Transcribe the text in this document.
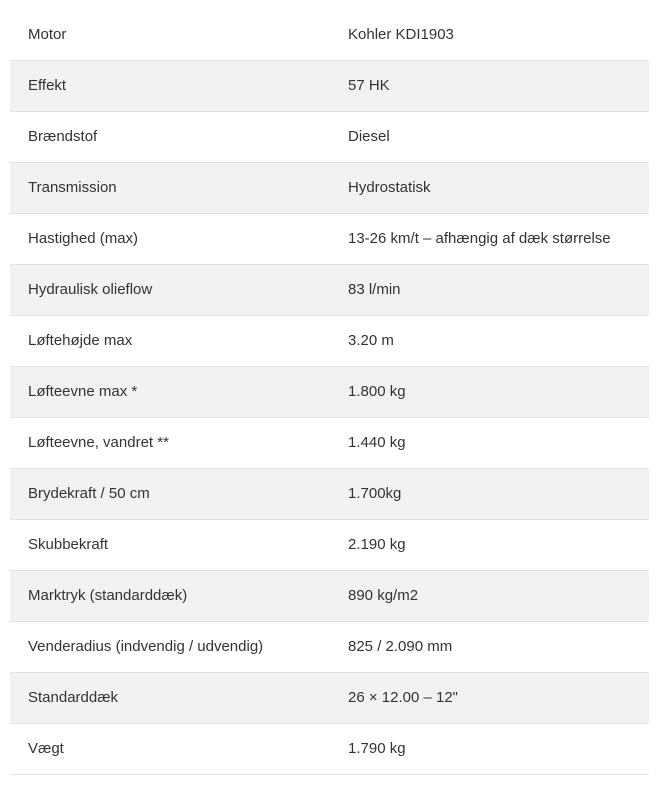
Motor	Kohler KDI1903
Effekt	57 HK
Brændstof	Diesel
Transmission	Hydrostatisk
Hastighed (max)	13-26 km/t – afhængig af dæk størrelse
Hydraulisk olieflow	83 l/min
Løftehøjde max	3.20 m
Løfteevne max *	1.800 kg
Løfteevne, vandret **	1.440 kg
Brydekraft / 50 cm	1.700kg
Skubbekraft	2.190 kg
Marktryk (standarddæk)	890 kg/m2
Venderadius (indvendig / udvendig)	825 / 2.090 mm
Standarddæk	26 × 12.00 – 12"
Vægt	1.790 kg
